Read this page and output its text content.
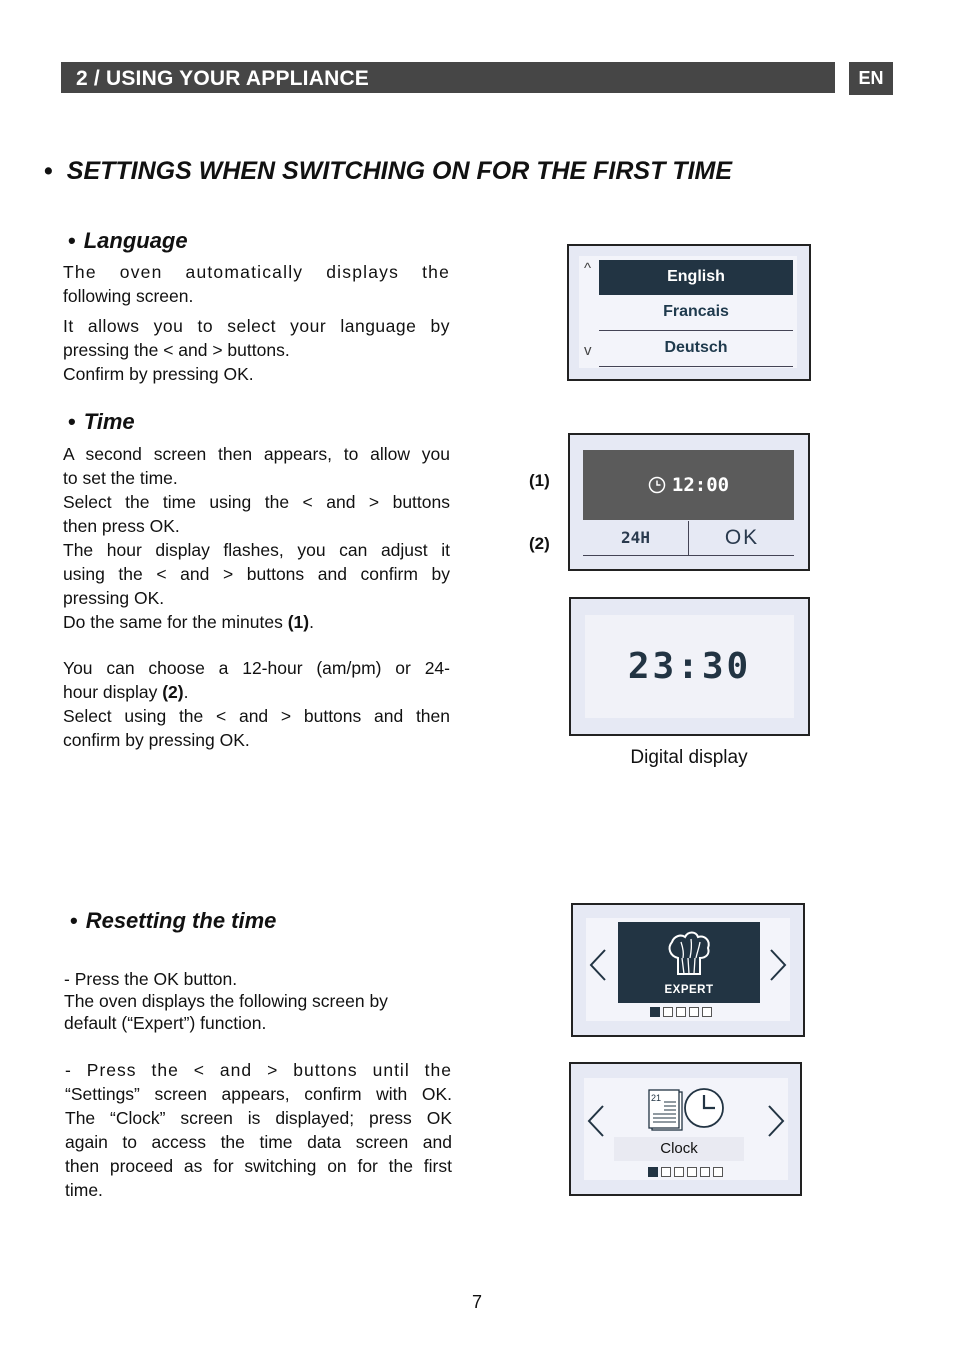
2 / USING YOUR APPLIANCE	EN
• SETTINGS WHEN SWITCHING ON FOR THE FIRST TIME
• Language

The oven automatically displays the

following screen.

It allows you to select your language by

pressing the < and > buttons.

Confirm by pressing OK.

^
v
English
Francais
Deutsch
• Time

A second screen then appears, to allow you

to set the time.

Select the time using the < and > buttons

then press OK.

The hour display flashes, you can adjust it

using the < and > buttons and confirm by

pressing OK.

Do the same for the minutes (1).

You can choose a 12-hour (am/pm) or 24-

hour display (2).

Select using the < and > buttons and then

confirm by pressing OK.

(1)
(2)
12:00
24H	OK
23:30
Digital display
• Resetting the time
- Press the OK button.
The oven displays the following screen by
default (“Expert”) function.

- Press the < and > buttons until the

“Settings” screen appears, confirm with OK.

The “Clock” screen is displayed; press OK

again to access the time data screen and

then proceed as for switching on for the first

time.

EXPERT
21
Clock
7
